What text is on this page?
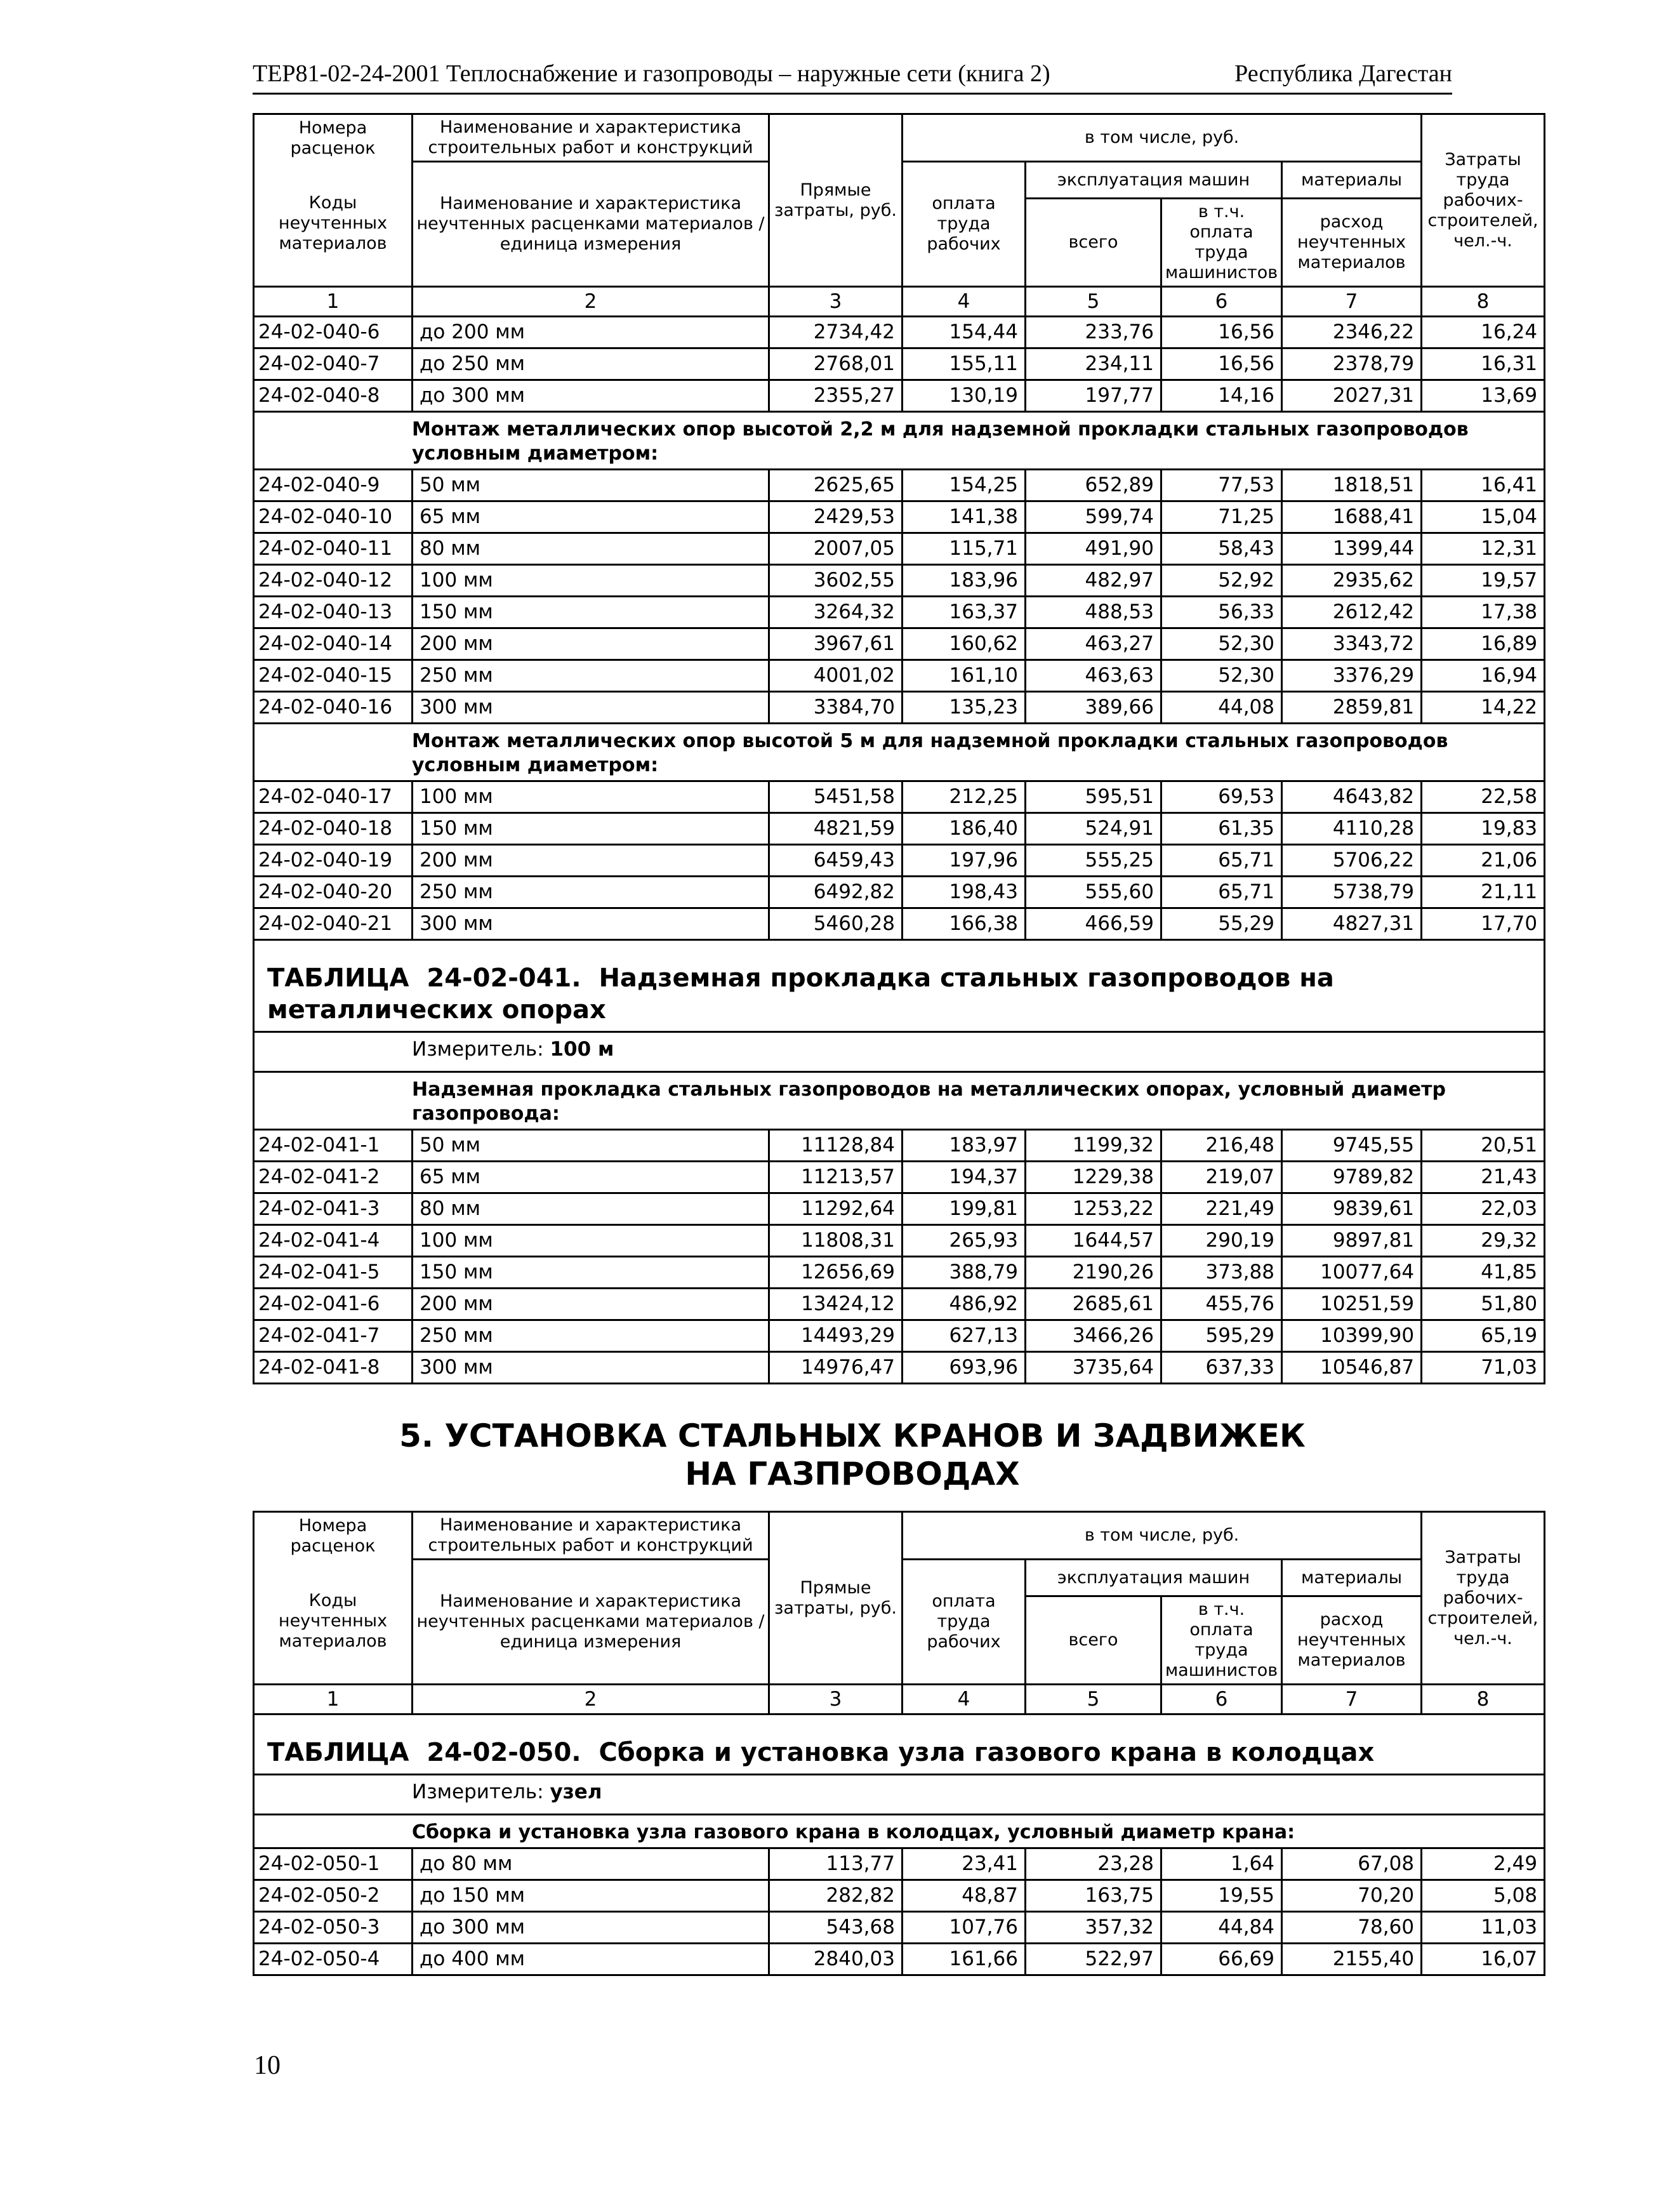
ТЕР81-02-24-2001 Теплоснабжение и газопроводы – наружные сети (книга 2)	Республика Дагестан
Номера расценок	Наименование и характеристика строительных работ и конструкций	Прямые затраты, руб.	в том числе, руб.				Затраты труда рабочих-строителей, чел.-ч.
Коды неучтенных материалов	Наименование и характеристика неучтенных расценками материалов / единица измерения		оплата труда рабочих	эксплуатация машин		материалы	
				всего	в т.ч. оплата труда машинистов	расход неучтенных материалов	

1	2	3	4	5	6	7	8
24-02-040-6	до 200 мм	2734,42	154,44	233,76	16,56	2346,22	16,24
24-02-040-7	до 250 мм	2768,01	155,11	234,11	16,56	2378,79	16,31
24-02-040-8	до 300 мм	2355,27	130,19	197,77	14,16	2027,31	13,69
Монтаж металлических опор высотой 2,2 м для надземной прокладки стальных газопроводов условным диаметром:							
24-02-040-9	50 мм	2625,65	154,25	652,89	77,53	1818,51	16,41
24-02-040-10	65 мм	2429,53	141,38	599,74	71,25	1688,41	15,04
24-02-040-11	80 мм	2007,05	115,71	491,90	58,43	1399,44	12,31
24-02-040-12	100 мм	3602,55	183,96	482,97	52,92	2935,62	19,57
24-02-040-13	150 мм	3264,32	163,37	488,53	56,33	2612,42	17,38
24-02-040-14	200 мм	3967,61	160,62	463,27	52,30	3343,72	16,89
24-02-040-15	250 мм	4001,02	161,10	463,63	52,30	3376,29	16,94
24-02-040-16	300 мм	3384,70	135,23	389,66	44,08	2859,81	14,22
Монтаж металлических опор высотой 5 м для надземной прокладки стальных газопроводов условным диаметром:							
24-02-040-17	100 мм	5451,58	212,25	595,51	69,53	4643,82	22,58
24-02-040-18	150 мм	4821,59	186,40	524,91	61,35	4110,28	19,83
24-02-040-19	200 мм	6459,43	197,96	555,25	65,71	5706,22	21,06
24-02-040-20	250 мм	6492,82	198,43	555,60	65,71	5738,79	21,11
24-02-040-21	300 мм	5460,28	166,38	466,59	55,29	4827,31	17,70
ТАБЛИЦА 24-02-041. Надземная прокладка стальных газопроводов на металлических опорах							
Измеритель: 100 м							
Надземная прокладка стальных газопроводов на металлических опорах, условный диаметр газопровода:							
24-02-041-1	50 мм	11128,84	183,97	1199,32	216,48	9745,55	20,51
24-02-041-2	65 мм	11213,57	194,37	1229,38	219,07	9789,82	21,43
24-02-041-3	80 мм	11292,64	199,81	1253,22	221,49	9839,61	22,03
24-02-041-4	100 мм	11808,31	265,93	1644,57	290,19	9897,81	29,32
24-02-041-5	150 мм	12656,69	388,79	2190,26	373,88	10077,64	41,85
24-02-041-6	200 мм	13424,12	486,92	2685,61	455,76	10251,59	51,80
24-02-041-7	250 мм	14493,29	627,13	3466,26	595,29	10399,90	65,19
24-02-041-8	300 мм	14976,47	693,96	3735,64	637,33	10546,87	71,03
5. УСТАНОВКА СТАЛЬНЫХ КРАНОВ И ЗАДВИЖЕК
НА ГАЗПРОВОДАХ
Номера расценок	Наименование и характеристика строительных работ и конструкций	Прямые затраты, руб.	в том числе, руб.				Затраты труда рабочих-строителей, чел.-ч.
Коды неучтенных материалов	Наименование и характеристика неучтенных расценками материалов / единица измерения		оплата труда рабочих	эксплуатация машин		материалы	
				всего	в т.ч. оплата труда машинистов	расход неучтенных материалов	

1	2	3	4	5	6	7	8
ТАБЛИЦА 24-02-050. Сборка и установка узла газового крана в колодцах							
Измеритель: узел							
Сборка и установка узла газового крана в колодцах, условный диаметр крана:							
24-02-050-1	до 80 мм	113,77	23,41	23,28	1,64	67,08	2,49
24-02-050-2	до 150 мм	282,82	48,87	163,75	19,55	70,20	5,08
24-02-050-3	до 300 мм	543,68	107,76	357,32	44,84	78,60	11,03
24-02-050-4	до 400 мм	2840,03	161,66	522,97	66,69	2155,40	16,07
10
